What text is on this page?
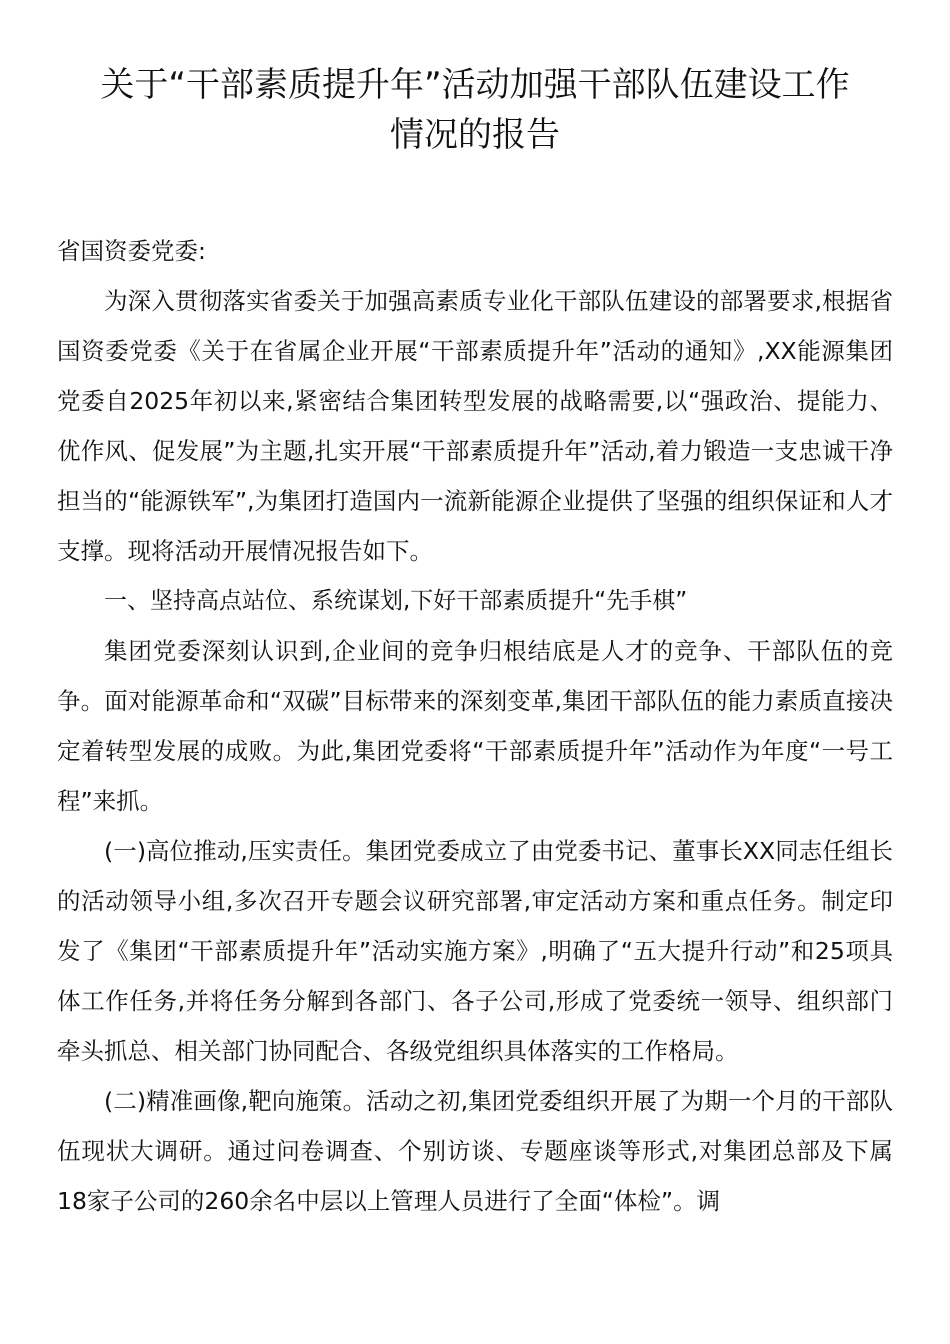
关于“干部素质提升年”活动加强干部队伍建设工作
情况的报告

省国资委党委:

为深入贯彻落实省委关于加强高素质专业化干部队伍建设的部署要求,根据省国资委党委《关于在省属企业开展“干部素质提升年”活动的通知》,XX能源集团党委自2025年初以来,紧密结合集团转型发展的战略需要,以“强政治、提能力、优作风、促发展”为主题,扎实开展“干部素质提升年”活动,着力锻造一支忠诚干净担当的“能源铁军”,为集团打造国内一流新能源企业提供了坚强的组织保证和人才支撑。现将活动开展情况报告如下。

一、坚持高点站位、系统谋划,下好干部素质提升“先手棋”

集团党委深刻认识到,企业间的竞争归根结底是人才的竞争、干部队伍的竞争。面对能源革命和“双碳”目标带来的深刻变革,集团干部队伍的能力素质直接决定着转型发展的成败。为此,集团党委将“干部素质提升年”活动作为年度“一号工程”来抓。

(一)高位推动,压实责任。集团党委成立了由党委书记、董事长XX同志任组长的活动领导小组,多次召开专题会议研究部署,审定活动方案和重点任务。制定印发了《集团“干部素质提升年”活动实施方案》,明确了“五大提升行动”和25项具体工作任务,并将任务分解到各部门、各子公司,形成了党委统一领导、组织部门牵头抓总、相关部门协同配合、各级党组织具体落实的工作格局。

(二)精准画像,靶向施策。活动之初,集团党委组织开展了为期一个月的干部队伍现状大调研。通过问卷调查、个别访谈、专题座谈等形式,对集团总部及下属18家子公司的260余名中层以上管理人员进行了全面“体检”。调
